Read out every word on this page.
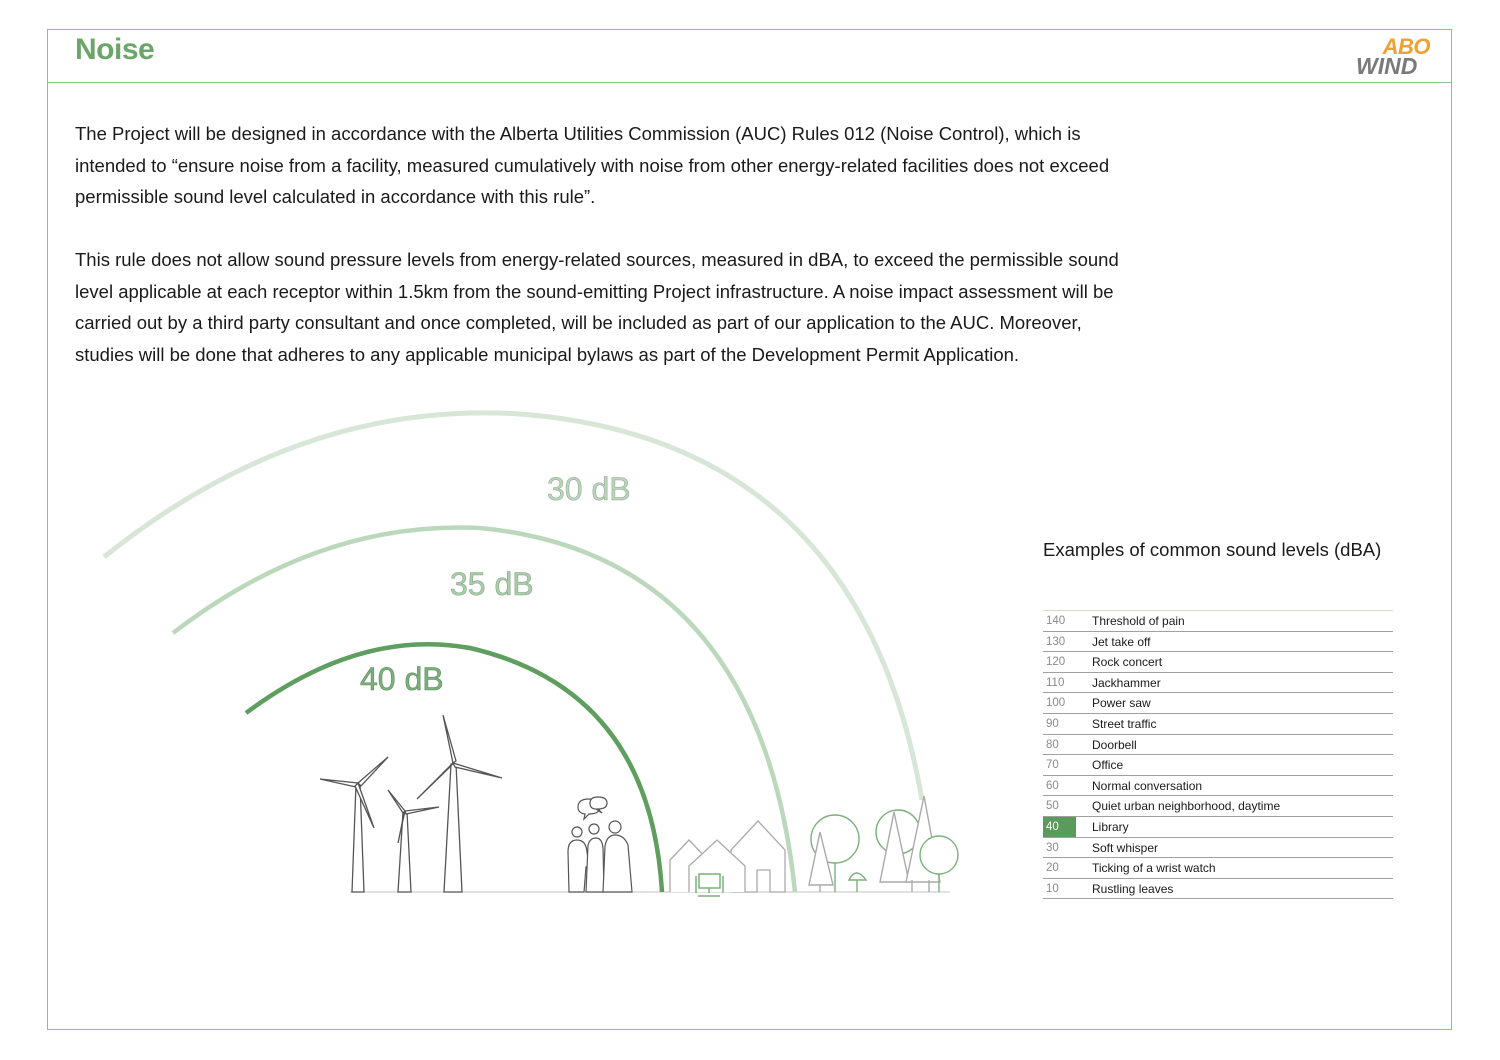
Noise	ABO
WIND
The Project will be designed in accordance with the Alberta Utilities Commission (AUC) Rules 012 (Noise Control), which is intended to “ensure noise from a facility, measured cumulatively with noise from other energy-related facilities does not exceed permissible sound level calculated in accordance with this rule”.
This rule does not allow sound pressure levels from energy-related sources, measured in dBA, to exceed the permissible sound level applicable at each receptor within 1.5km from the sound-emitting Project infrastructure. A noise impact assessment will be carried out by a third party consultant and once completed, will be included as part of our application to the AUC. Moreover, studies will be done that adheres to any applicable municipal bylaws as part of the Development Permit Application.
30 dB
35 dB
40 dB
Examples of common sound levels (dBA)
140	Threshold of pain
130	Jet take off
120	Rock concert
110	Jackhammer
100	Power saw
90	Street traffic
80	Doorbell
70	Office
60	Normal conversation
50	Quiet urban neighborhood, daytime
40	Library
30	Soft whisper
20	Ticking of a wrist watch
10	Rustling leaves
